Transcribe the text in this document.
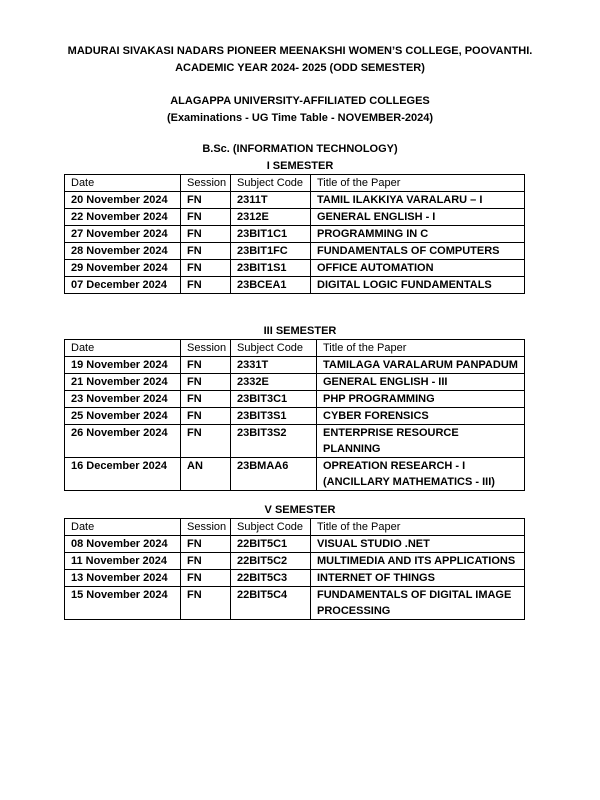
MADURAI SIVAKASI NADARS PIONEER MEENAKSHI WOMEN’S COLLEGE, POOVANTHI.
ACADEMIC YEAR 2024- 2025 (ODD SEMESTER)
ALAGAPPA UNIVERSITY-AFFILIATED COLLEGES
(Examinations - UG Time Table - NOVEMBER-2024)
B.Sc. (INFORMATION TECHNOLOGY)

I SEMESTER

Date	Session	Subject Code	Title of the Paper
20 November 2024	FN	2311T	TAMIL ILAKKIYA VARALARU – I
22 November 2024	FN	2312E	GENERAL ENGLISH - I
27 November 2024	FN	23BIT1C1	PROGRAMMING IN C
28 November 2024	FN	23BIT1FC	FUNDAMENTALS OF COMPUTERS
29 November 2024	FN	23BIT1S1	OFFICE AUTOMATION
07 December 2024	FN	23BCEA1	DIGITAL LOGIC FUNDAMENTALS

III SEMESTER

Date	Session	Subject Code	Title of the Paper
19 November 2024	FN	2331T	TAMILAGA VARALARUM PANPADUM
21 November 2024	FN	2332E	GENERAL ENGLISH - III
23 November 2024	FN	23BIT3C1	PHP PROGRAMMING
25 November 2024	FN	23BIT3S1	CYBER FORENSICS
26 November 2024	FN	23BIT3S2	ENTERPRISE RESOURCE PLANNING
16 December 2024	AN	23BMAA6	OPREATION RESEARCH - I (ANCILLARY MATHEMATICS - III)

V SEMESTER

Date	Session	Subject Code	Title of the Paper
08 November 2024	FN	22BIT5C1	VISUAL STUDIO .NET
11 November 2024	FN	22BIT5C2	MULTIMEDIA AND ITS APPLICATIONS
13 November 2024	FN	22BIT5C3	INTERNET OF THINGS
15 November 2024	FN	22BIT5C4	FUNDAMENTALS OF DIGITAL IMAGE PROCESSING
